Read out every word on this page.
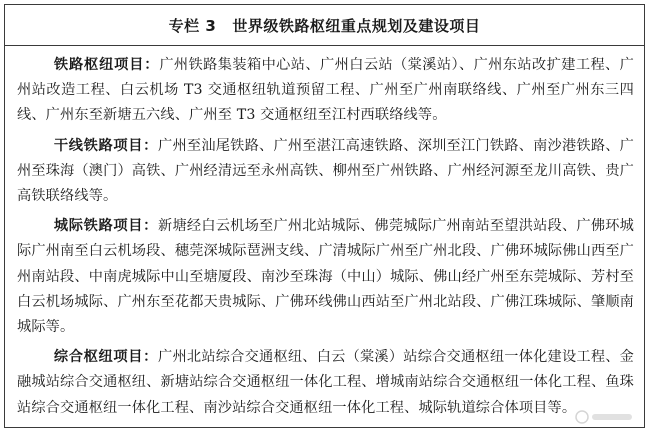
专栏 3 世界级铁路枢纽重点规划及建设项目

铁路枢纽项目：广州铁路集装箱中心站、广州白云站（棠溪站）、广州东站改扩建工程、广州站改造工程、白云机场 T3 交通枢纽轨道预留工程、广州至广州南联络线、广州至广州东三四线、广州东至新塘五六线、广州至 T3 交通枢纽至江村西联络线等。

干线铁路项目：广州至汕尾铁路、广州至湛江高速铁路、深圳至江门铁路、南沙港铁路、广州至珠海（澳门）高铁、广州经清远至永州高铁、柳州至广州铁路、广州经河源至龙川高铁、贵广高铁联络线等。

城际铁路项目：新塘经白云机场至广州北站城际、佛莞城际广州南站至望洪站段、广佛环城际广州南至白云机场段、穗莞深城际琶洲支线、广清城际广州至广州北段、广佛环城际佛山西至广州南站段、中南虎城际中山至塘厦段、南沙至珠海（中山）城际、佛山经广州至东莞城际、芳村至白云机场城际、广州东至花都天贵城际、广佛环线佛山西站至广州北站段、广佛江珠城际、肇顺南城际等。

综合枢纽项目：广州北站综合交通枢纽、白云（棠溪）站综合交通枢纽一体化建设工程、金融城站综合交通枢纽、新塘站综合交通枢纽一体化工程、增城南站综合交通枢纽一体化工程、鱼珠站综合交通枢纽一体化工程、南沙站综合交通枢纽一体化工程、城际轨道综合体项目等。
